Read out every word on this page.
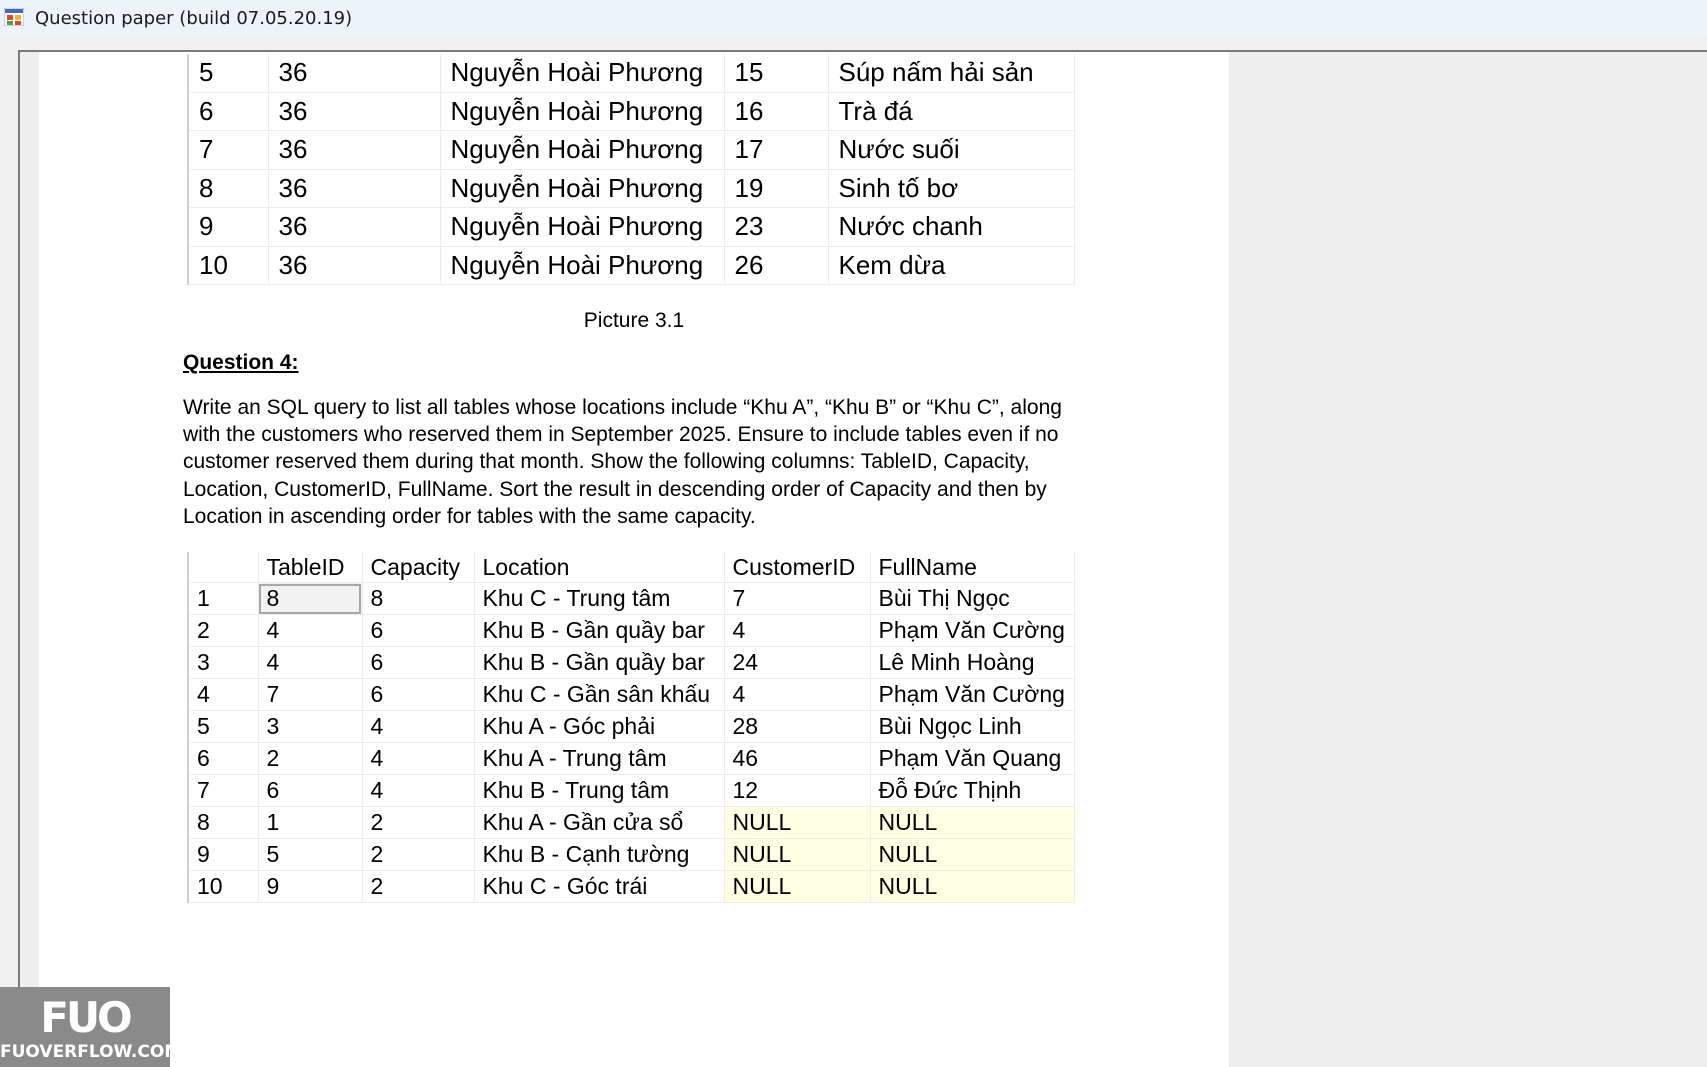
Question paper (build 07.05.20.19)
5	36	Nguyễn Hoài Phương	15	Súp nấm hải sản
6	36	Nguyễn Hoài Phương	16	Trà đá
7	36	Nguyễn Hoài Phương	17	Nước suối
8	36	Nguyễn Hoài Phương	19	Sinh tố bơ
9	36	Nguyễn Hoài Phương	23	Nước chanh
10	36	Nguyễn Hoài Phương	26	Kem dừa
Picture 3.1
Question 4:
Write an SQL query to list all tables whose locations include “Khu A”, “Khu B” or “Khu C”, along with the customers who reserved them in September 2025. Ensure to include tables even if no customer reserved them during that month. Show the following columns: TableID, Capacity, Location, CustomerID, FullName. Sort the result in descending order of Capacity and then by Location in ascending order for tables with the same capacity.
	TableID	Capacity	Location	CustomerID	FullName
1	8	8	Khu C - Trung tâm	7	Bùi Thị Ngọc
2	4	6	Khu B - Gần quầy bar	4	Phạm Văn Cường
3	4	6	Khu B - Gần quầy bar	24	Lê Minh Hoàng
4	7	6	Khu C - Gần sân khấu	4	Phạm Văn Cường
5	3	4	Khu A - Góc phải	28	Bùi Ngọc Linh
6	2	4	Khu A - Trung tâm	46	Phạm Văn Quang
7	6	4	Khu B - Trung tâm	12	Đỗ Đức Thịnh
8	1	2	Khu A - Gần cửa sổ	NULL	NULL
9	5	2	Khu B - Cạnh tường	NULL	NULL
10	9	2	Khu C - Góc trái	NULL	NULL
FUO
FUOVERFLOW.COM
